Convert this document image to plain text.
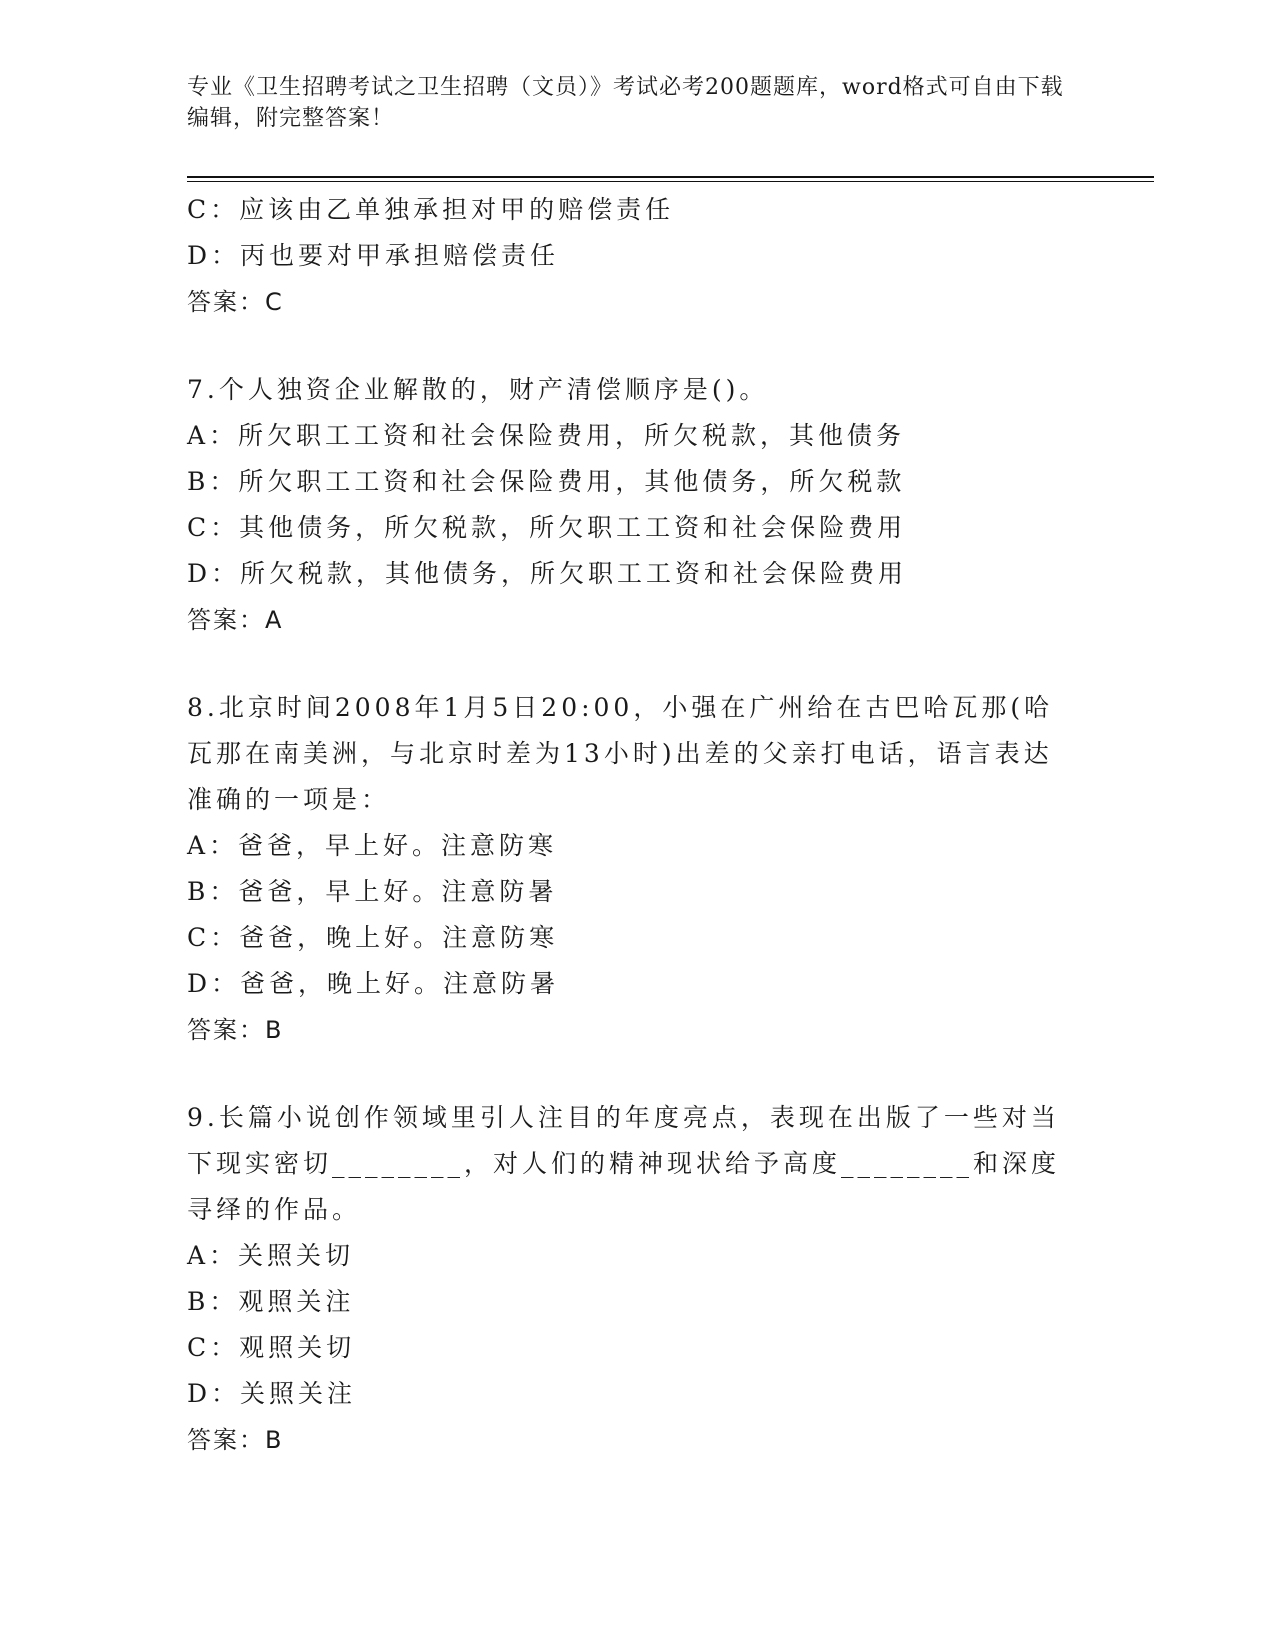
专业《卫生招聘考试之卫生招聘（文员）》考试必考200题题库，word格式可自由下载编辑，附完整答案！
C：应该由乙单独承担对甲的赔偿责任
D：丙也要对甲承担赔偿责任
答案：C
7.个人独资企业解散的，财产清偿顺序是()。
A：所欠职工工资和社会保险费用，所欠税款，其他债务
B：所欠职工工资和社会保险费用，其他债务，所欠税款
C：其他债务，所欠税款，所欠职工工资和社会保险费用
D：所欠税款，其他债务，所欠职工工资和社会保险费用
答案：A
8.北京时间2008年1月5日20:00，小强在广州给在古巴哈瓦那(哈瓦那在南美洲，与北京时差为13小时)出差的父亲打电话，语言表达准确的一项是：
A：爸爸，早上好。注意防寒
B：爸爸，早上好。注意防暑
C：爸爸，晚上好。注意防寒
D：爸爸，晚上好。注意防暑
答案：B
9.长篇小说创作领域里引人注目的年度亮点，表现在出版了一些对当下现实密切________，对人们的精神现状给予高度________和深度寻绎的作品。
A：关照关切
B：观照关注
C：观照关切
D：关照关注
答案：B
